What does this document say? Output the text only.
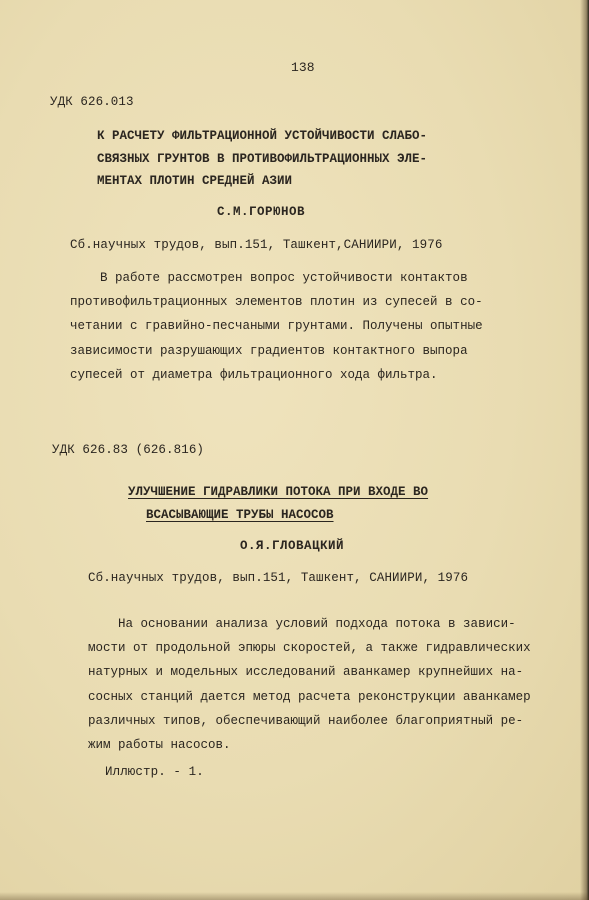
138
УДК 626.013
К РАСЧЕТУ ФИЛЬТРАЦИОННОЙ УСТОЙЧИВОСТИ СЛАБО-
СВЯЗНЫХ ГРУНТОВ В ПРОТИВОФИЛЬТРАЦИОННЫХ ЭЛЕ-
МЕНТАХ ПЛОТИН СРЕДНЕЙ АЗИИ
С.М.ГОРЮНОВ
Сб.научных трудов, вып.151, Ташкент,САНИИРИ, 1976
В работе рассмотрен вопрос устойчивости контактов
противофильтрационных элементов плотин из супесей в со-
четании с гравийно-песчаными грунтами. Получены опытные
зависимости разрушающих градиентов контактного выпора
супесей от диаметра фильтрационного хода фильтра.
УДК 626.83 (626.816)
УЛУЧШЕНИЕ ГИДРАВЛИКИ ПОТОКА ПРИ ВХОДЕ ВО
ВСАСЫВАЮЩИЕ ТРУБЫ НАСОСОВ
О.Я.ГЛОВАЦКИЙ
Сб.научных трудов, вып.151, Ташкент, САНИИРИ, 1976
На основании анализа условий подхода потока в зависи-
мости от продольной эпюры скоростей, а также гидравлических
натурных и модельных исследований аванкамер крупнейших на-
сосных станций дается метод расчета реконструкции аванкамер
различных типов, обеспечивающий наиболее благоприятный ре-
жим работы насосов.
Иллюстр. - 1.
